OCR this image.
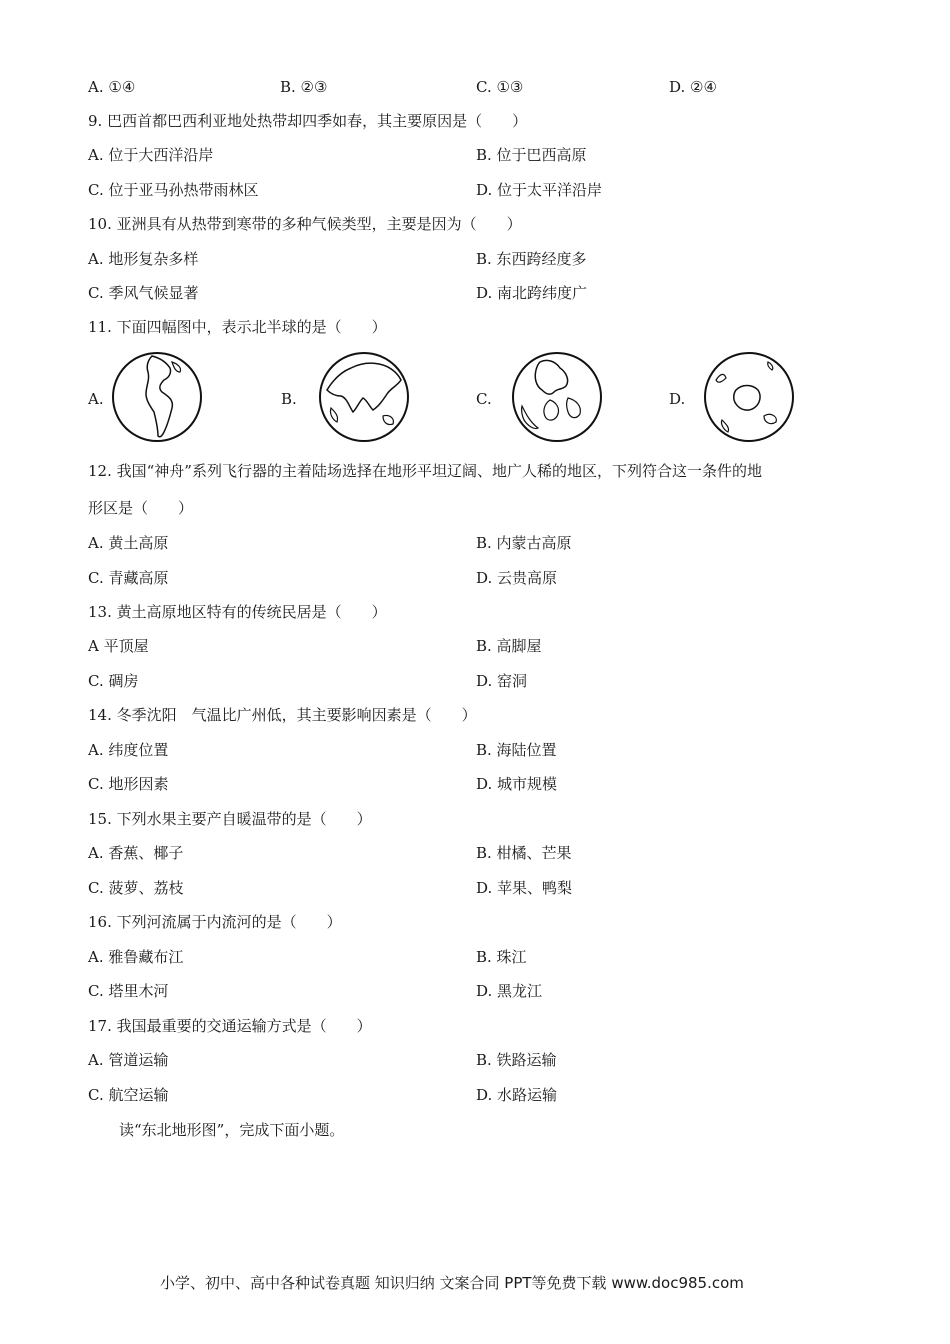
A. ①④	B. ②③	C. ①③	D. ②④
9. 巴西首都巴西利亚地处热带却四季如春，其主要原因是（　　）
A. 位于大西洋沿岸	B. 位于巴西高原
C. 位于亚马孙热带雨林区	D. 位于太平洋沿岸
10. 亚洲具有从热带到寒带的多种气候类型，主要是因为（　　）
A. 地形复杂多样	B. 东西跨经度多
C. 季风气候显著	D. 南北跨纬度广
11. 下面四幅图中，表示北半球的是（　　）
A.	B.	C.	D.
12. 我国“神舟”系列飞行器的主着陆场选择在地形平坦辽阔、地广人稀的地区，下列符合这一条件的地
形区是（　　）
A. 黄土高原	B. 内蒙古高原
C. 青藏高原	D. 云贵高原
13. 黄土高原地区特有的传统民居是（　　）
A 平顶屋	B. 高脚屋
C. 碉房	D. 窑洞
14. 冬季沈阳　气温比广州低，其主要影响因素是（　　）
A. 纬度位置	B. 海陆位置
C. 地形因素	D. 城市规模
15. 下列水果主要产自暖温带的是（　　）
A. 香蕉、椰子	B. 柑橘、芒果
C. 菠萝、荔枝	D. 苹果、鸭梨
16. 下列河流属于内流河的是（　　）
A. 雅鲁藏布江	B. 珠江
C. 塔里木河	D. 黑龙江
17. 我国最重要的交通运输方式是（　　）
A. 管道运输	B. 铁路运输
C. 航空运输	D. 水路运输
读“东北地形图”，完成下面小题。
小学、初中、高中各种试卷真题 知识归纳 文案合同 PPT等免费下载 www.doc985.com
